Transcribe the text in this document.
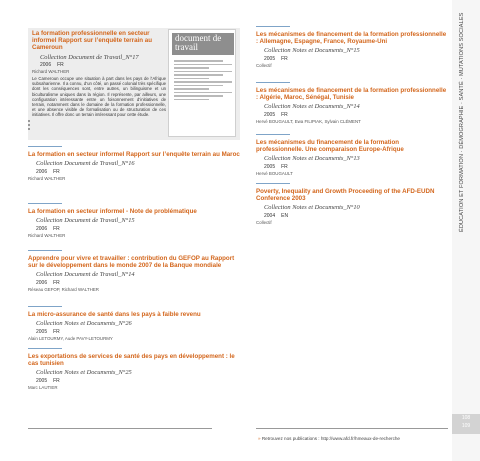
La formation professionnelle en secteur informel Rapport sur l’enquête terrain au Cameroun
Collection Document de Travail_N°17
2006 FR
Richard WALTHER
Le Cameroun occupe une situation à part dans les pays de l’Afrique subsaharienne. Il a connu, d’un côté, un passé colonial très spécifique dont les conséquences sont, entre autres, un bilinguisme et un biculturalisme uniques dans la région. Il représente, par ailleurs, une configuration intéressante entre un foisonnement d’initiatives de terrain, notamment dans le domaine de la formation professionnelle, et une absence visible de formalisation ou de structuration de ces initiatives. Il offre donc un terrain intéressant pour cette étude.
document de travail
La formation en secteur informel Rapport sur l’enquête terrain au Maroc
Collection Document de Travail_N°16
2006 FR
Richard WALTHER
La formation en secteur informel - Note de problématique
Collection Document de Travail_N°15
2006 FR
Richard WALTHER
Apprendre pour vivre et travailler : contribution du GEFOP au Rapport sur le développement dans le monde 2007 de la Banque mondiale
Collection Document de Travail_N°14
2006 FR
Réseau GEFOP, Richard WALTHER
La micro-assurance de santé dans les pays à faible revenu
Collection Notes et Documents_N°26
2005 FR
Alain LETOURMY, Aude PAVY-LETOURMY
Les exportations de services de santé des pays en développement : le cas tunisien
Collection Notes et Documents_N°25
2005 FR
Marc LAUTIER
Les mécanismes de financement de la formation professionnelle : Allemagne, Espagne, France, Royaume-Uni
Collection Notes et Documents_N°15
2005 FR
Collectif
Les mécanismes de financement de la formation professionnelle : Algérie, Maroc, Sénégal, Tunisie
Collection Notes et Documents_N°14
2005 FR
Hervé BOUGAULT, Ewa FILIPIAK, Sylvain CLÉMENT
Les mécanismes du financement de la formation professionnelle. Une comparaison Europe-Afrique
Collection Notes et Documents_N°13
2005 FR
Hervé BOUGAULT
Poverty, Inequality and Growth Proceeding of the AFD-EUDN Conference 2003
Collection Notes et Documents_N°10
2004 EN
Collectif
» Retrouvez nos publications : http://www.afd.fr/hmeaux-de-recherche
ÉDUCATION ET FORMATION · DÉMOGRAPHIE · SANTÉ · MUTATIONS SOCIALES
108
109
